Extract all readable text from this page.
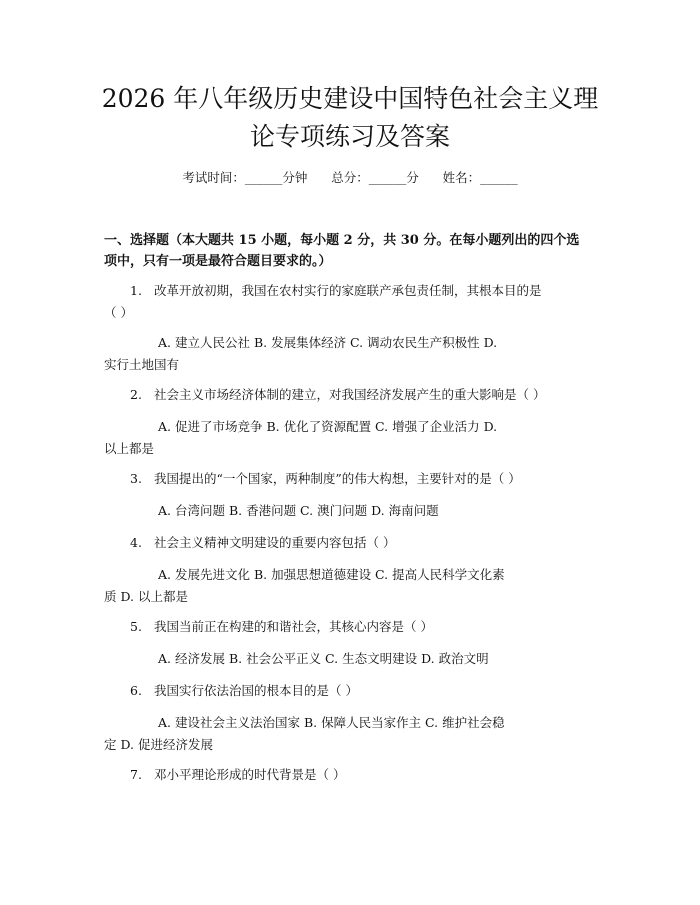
2026 年八年级历史建设中国特色社会主义理
论专项练习及答案
考试时间：______分钟      总分：______分      姓名：______
一、选择题（本大题共 15 小题，每小题 2 分，共 30 分。在每小题列出的四个选
项中，只有一项是最符合题目要求的。）
1. 改革开放初期，我国在农村实行的家庭联产承包责任制，其根本目的是
（ ）
A. 建立人民公社 B. 发展集体经济 C. 调动农民生产积极性 D.
实行土地国有
2. 社会主义市场经济体制的建立，对我国经济发展产生的重大影响是（ ）
A. 促进了市场竞争 B. 优化了资源配置 C. 增强了企业活力 D.
以上都是
3. 我国提出的“一个国家，两种制度”的伟大构想，主要针对的是（ ）
A. 台湾问题 B. 香港问题 C. 澳门问题 D. 海南问题
4. 社会主义精神文明建设的重要内容包括（ ）
A. 发展先进文化 B. 加强思想道德建设 C. 提高人民科学文化素
质 D. 以上都是
5. 我国当前正在构建的和谐社会，其核心内容是（ ）
A. 经济发展 B. 社会公平正义 C. 生态文明建设 D. 政治文明
6. 我国实行依法治国的根本目的是（ ）
A. 建设社会主义法治国家 B. 保障人民当家作主 C. 维护社会稳
定 D. 促进经济发展
7. 邓小平理论形成的时代背景是（ ）
